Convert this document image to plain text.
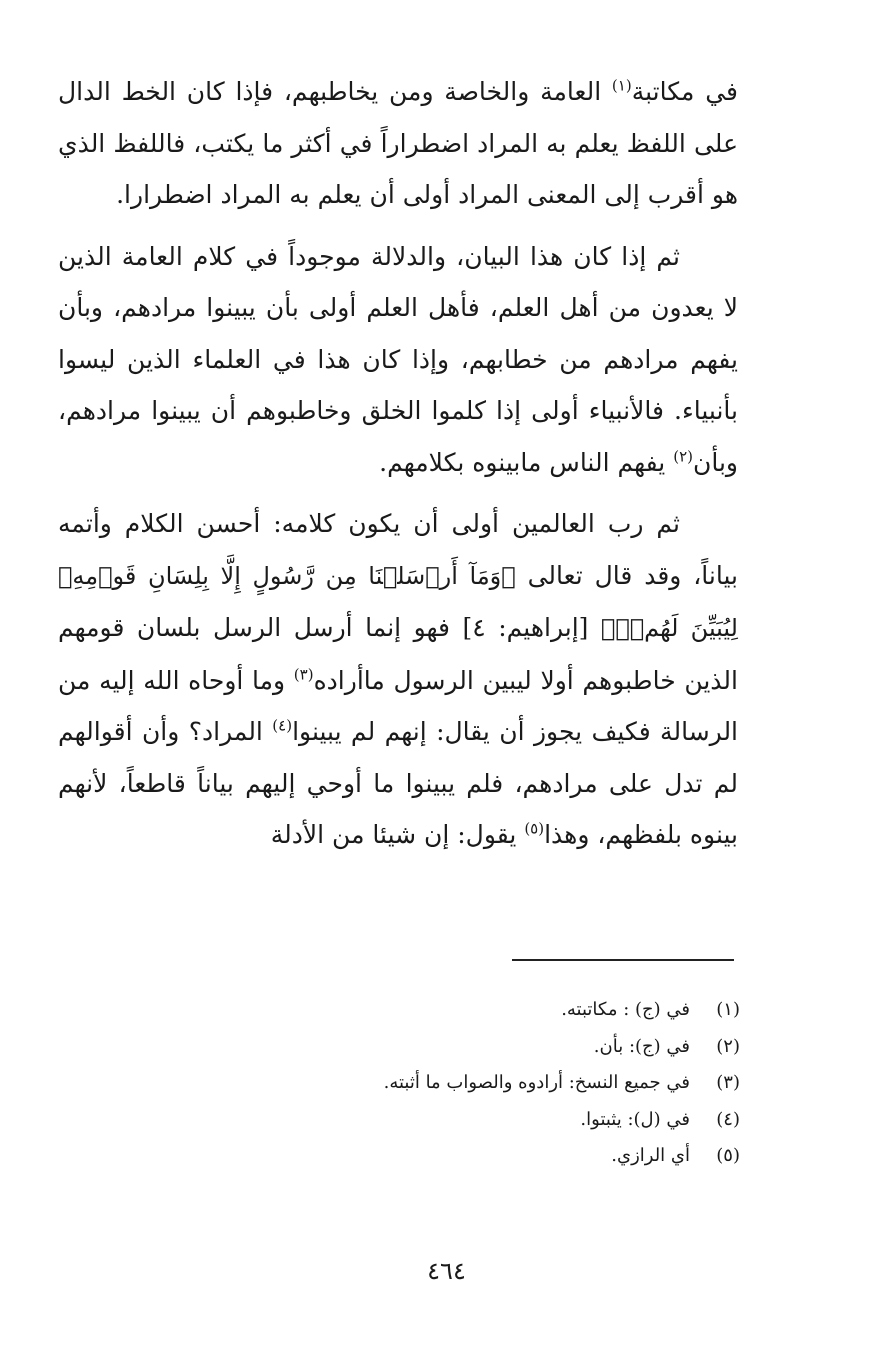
في مكاتبة$^{(١)}$ العامة والخاصة ومن يخاطبهم، فإذا كان الخط الدال على اللفظ يعلم به المراد اضطراراً في أكثر ما يكتب، فاللفظ الذي هو أقرب إلى المعنى المراد أولى أن يعلم به المراد اضطرارا.

ثم إذا كان هذا البيان، والدلالة موجوداً في كلام العامة الذين لا يعدون من أهل العلم، فأهل العلم أولى بأن يبينوا مرادهم، وبأن يفهم مرادهم من خطابهم، وإذا كان هذا في العلماء الذين ليسوا بأنبياء. فالأنبياء أولى إذا كلموا الخلق وخاطبوهم أن يبينوا مرادهم، وبأن$^{(٢)}$ يفهم الناس مابينوه بكلامهم.

ثم رب العالمين أولى أن يكون كلامه: أحسن الكلام وأتمه بياناً، وقد قال تعالى ﴿وَمَآ أَرۡسَلۡنَا مِن رَّسُولٍ إِلَّا بِلِسَانِ قَوۡمِهِۦ لِيُبَيِّنَ لَهُمۡۖ﴾ [إبراهيم: ٤] فهو إنما أرسل الرسل بلسان قومهم الذين خاطبوهم أولا ليبين الرسول ماأراده$^{(٣)}$ وما أوحاه الله إليه من الرسالة فكيف يجوز أن يقال: إنهم لم يبينوا$^{(٤)}$ المراد؟ وأن أقوالهم لم تدل على مرادهم، فلم يبينوا ما أوحي إليهم بياناً قاطعاً، لأنهم بينوه بلفظهم، وهذا$^{(٥)}$ يقول: إن شيئا من الأدلة

(١)
في (ج) : مكاتبته.
(٢)
في (ج): بأن.
(٣)
في جميع النسخ: أرادوه والصواب ما أثبته.
(٤)
في (ل): يثبتوا.
(٥)
أي الرازي.
٤٦٤
